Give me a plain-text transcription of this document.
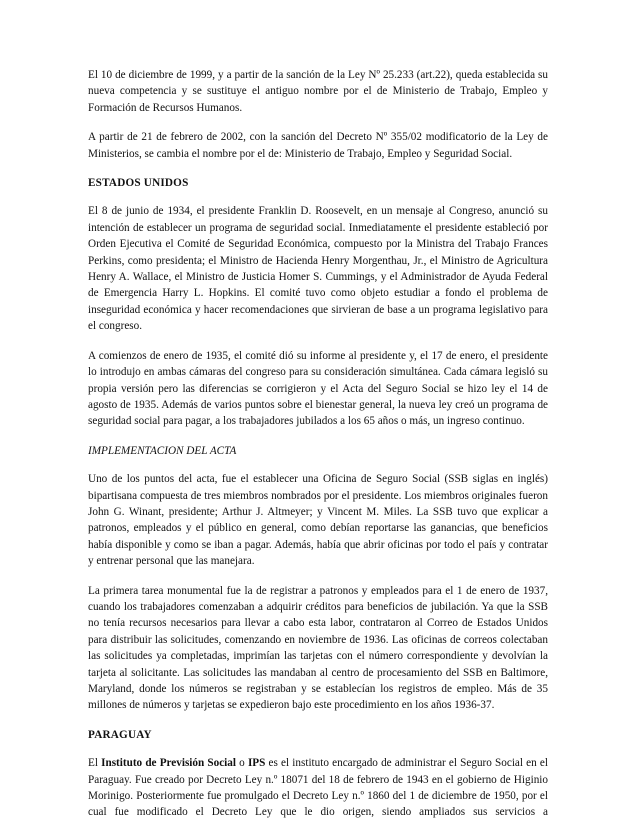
El 10 de diciembre de 1999, y a partir de la sanción de la Ley Nº 25.233 (art.22), queda establecida su nueva competencia y se sustituye el antiguo nombre por el de Ministerio de Trabajo, Empleo y Formación de Recursos Humanos.

A partir de 21 de febrero de 2002, con la sanción del Decreto Nº 355/02 modificatorio de la Ley de Ministerios, se cambia el nombre por el de: Ministerio de Trabajo, Empleo y Seguridad Social.

ESTADOS UNIDOS

El 8 de junio de 1934, el presidente Franklin D. Roosevelt, en un mensaje al Congreso, anunció su intención de establecer un programa de seguridad social. Inmediatamente el presidente estableció por Orden Ejecutiva el Comité de Seguridad Económica, compuesto por la Ministra del Trabajo Frances Perkins, como presidenta; el Ministro de Hacienda Henry Morgenthau, Jr., el Ministro de Agricultura Henry A. Wallace, el Ministro de Justicia Homer S. Cummings, y el Administrador de Ayuda Federal de Emergencia Harry L. Hopkins. El comité tuvo como objeto estudiar a fondo el problema de inseguridad económica y hacer recomendaciones que sirvieran de base a un programa legislativo para el congreso.

A comienzos de enero de 1935, el comité dió su informe al presidente y, el 17 de enero, el presidente lo introdujo en ambas cámaras del congreso para su consideración simultánea. Cada cámara legisló su propia versión pero las diferencias se corrigieron y el Acta del Seguro Social se hizo ley el 14 de agosto de 1935. Además de varios puntos sobre el bienestar general, la nueva ley creó un programa de seguridad social para pagar, a los trabajadores jubilados a los 65 años o más, un ingreso continuo.

IMPLEMENTACION DEL ACTA

Uno de los puntos del acta, fue el establecer una Oficina de Seguro Social (SSB siglas en inglés) bipartisana compuesta de tres miembros nombrados por el presidente. Los miembros originales fueron John G. Winant, presidente; Arthur J. Altmeyer; y Vincent M. Miles. La SSB tuvo que explicar a patronos, empleados y el público en general, como debían reportarse las ganancias, que beneficios había disponible y como se iban a pagar. Además, había que abrir oficinas por todo el país y contratar y entrenar personal que las manejara.

La primera tarea monumental fue la de registrar a patronos y empleados para el 1 de enero de 1937, cuando los trabajadores comenzaban a adquirir créditos para beneficios de jubilación. Ya que la SSB no tenía recursos necesarios para llevar a cabo esta labor, contrataron al Correo de Estados Unidos para distribuir las solicitudes, comenzando en noviembre de 1936. Las oficinas de correos colectaban las solicitudes ya completadas, imprimían las tarjetas con el número correspondiente y devolvían la tarjeta al solicitante. Las solicitudes las mandaban al centro de procesamiento del SSB en Baltimore, Maryland, donde los números se registraban y se establecían los registros de empleo. Más de 35 millones de números y tarjetas se expedieron bajo este procedimiento en los años 1936-37.

PARAGUAY

El Instituto de Previsión Social o IPS es el instituto encargado de administrar el Seguro Social en el Paraguay. Fue creado por Decreto Ley n.º 18071 del 18 de febrero de 1943 en el gobierno de Higinio Morinigo. Posteriormente fue promulgado el Decreto Ley n.º 1860 del 1 de diciembre de 1950, por el cual fue modificado el Decreto Ley que le dio origen, siendo ampliados sus servicios a
